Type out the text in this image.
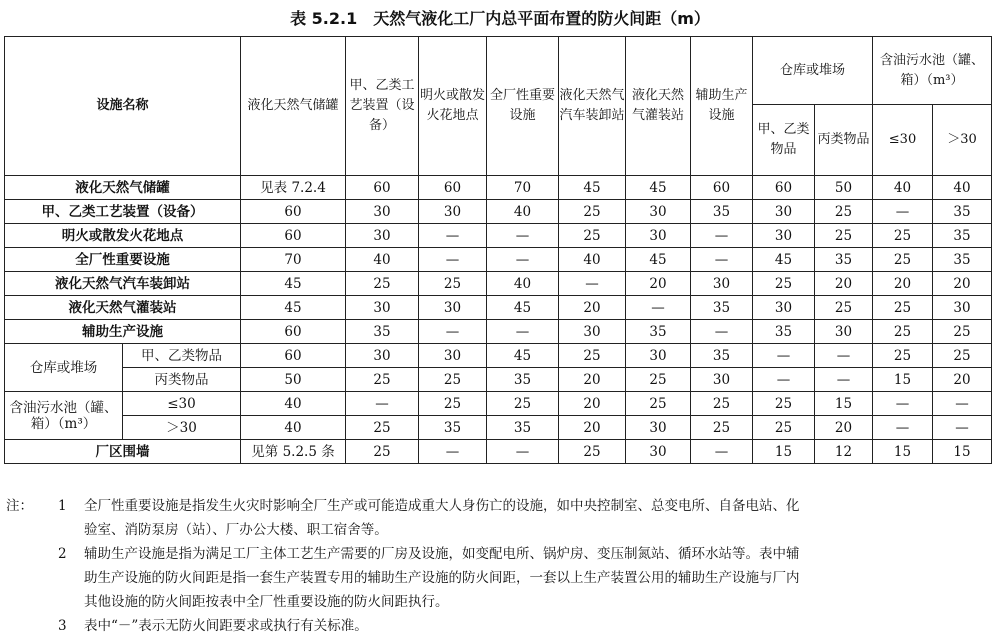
表 5.2.1　天然气液化工厂内总平面布置的防火间距（m）
设施名称		液化天然气储罐	甲、乙类工艺装置（设备）	明火或散发火花地点	全厂性重要设施	液化天然气汽车装卸站	液化天然气灌装站	辅助生产设施	仓库或堆场		含油污水池（罐、箱）（m³）	
									甲、乙类物品	丙类物品	≤30	＞30
液化天然气储罐		见表 7.2.4	60	60	70	45	45	60	60	50	40	40
甲、乙类工艺装置（设备）		60	30	30	40	25	30	35	30	25	—	35
明火或散发火花地点		60	30	—	—	25	30	—	30	25	25	35
全厂性重要设施		70	40	—	—	40	45	—	45	35	25	35
液化天然气汽车装卸站		45	25	25	40	—	20	30	25	20	20	20
液化天然气灌装站		45	30	30	45	20	—	35	30	25	25	30
辅助生产设施		60	35	—	—	30	35	—	35	30	25	25
仓库或堆场	甲、乙类物品	60	30	30	45	25	30	35	—	—	25	25
	丙类物品	50	25	25	35	20	25	30	—	—	15	20
含油污水池（罐、箱）（m³）	≤30	40	—	25	25	20	25	25	25	15	—	—
	＞30	40	25	35	35	20	30	25	25	20	—	—
厂区围墙		见第 5.2.5 条	25	—	—	25	30	—	15	12	15	15
注：	1	全厂性重要设施是指发生火灾时影响全厂生产或可能造成重大人身伤亡的设施，如中央控制室、总变电所、自备电站、化
验室、消防泵房（站）、厂办公大楼、职工宿舍等。
2	辅助生产设施是指为满足工厂主体工艺生产需要的厂房及设施，如变配电所、锅炉房、变压制氮站、循环水站等。表中辅
助生产设施的防火间距是指一套生产装置专用的辅助生产设施的防火间距，一套以上生产装置公用的辅助生产设施与厂内
其他设施的防火间距按表中全厂性重要设施的防火间距执行。
3	表中“－”表示无防火间距要求或执行有关标准。
